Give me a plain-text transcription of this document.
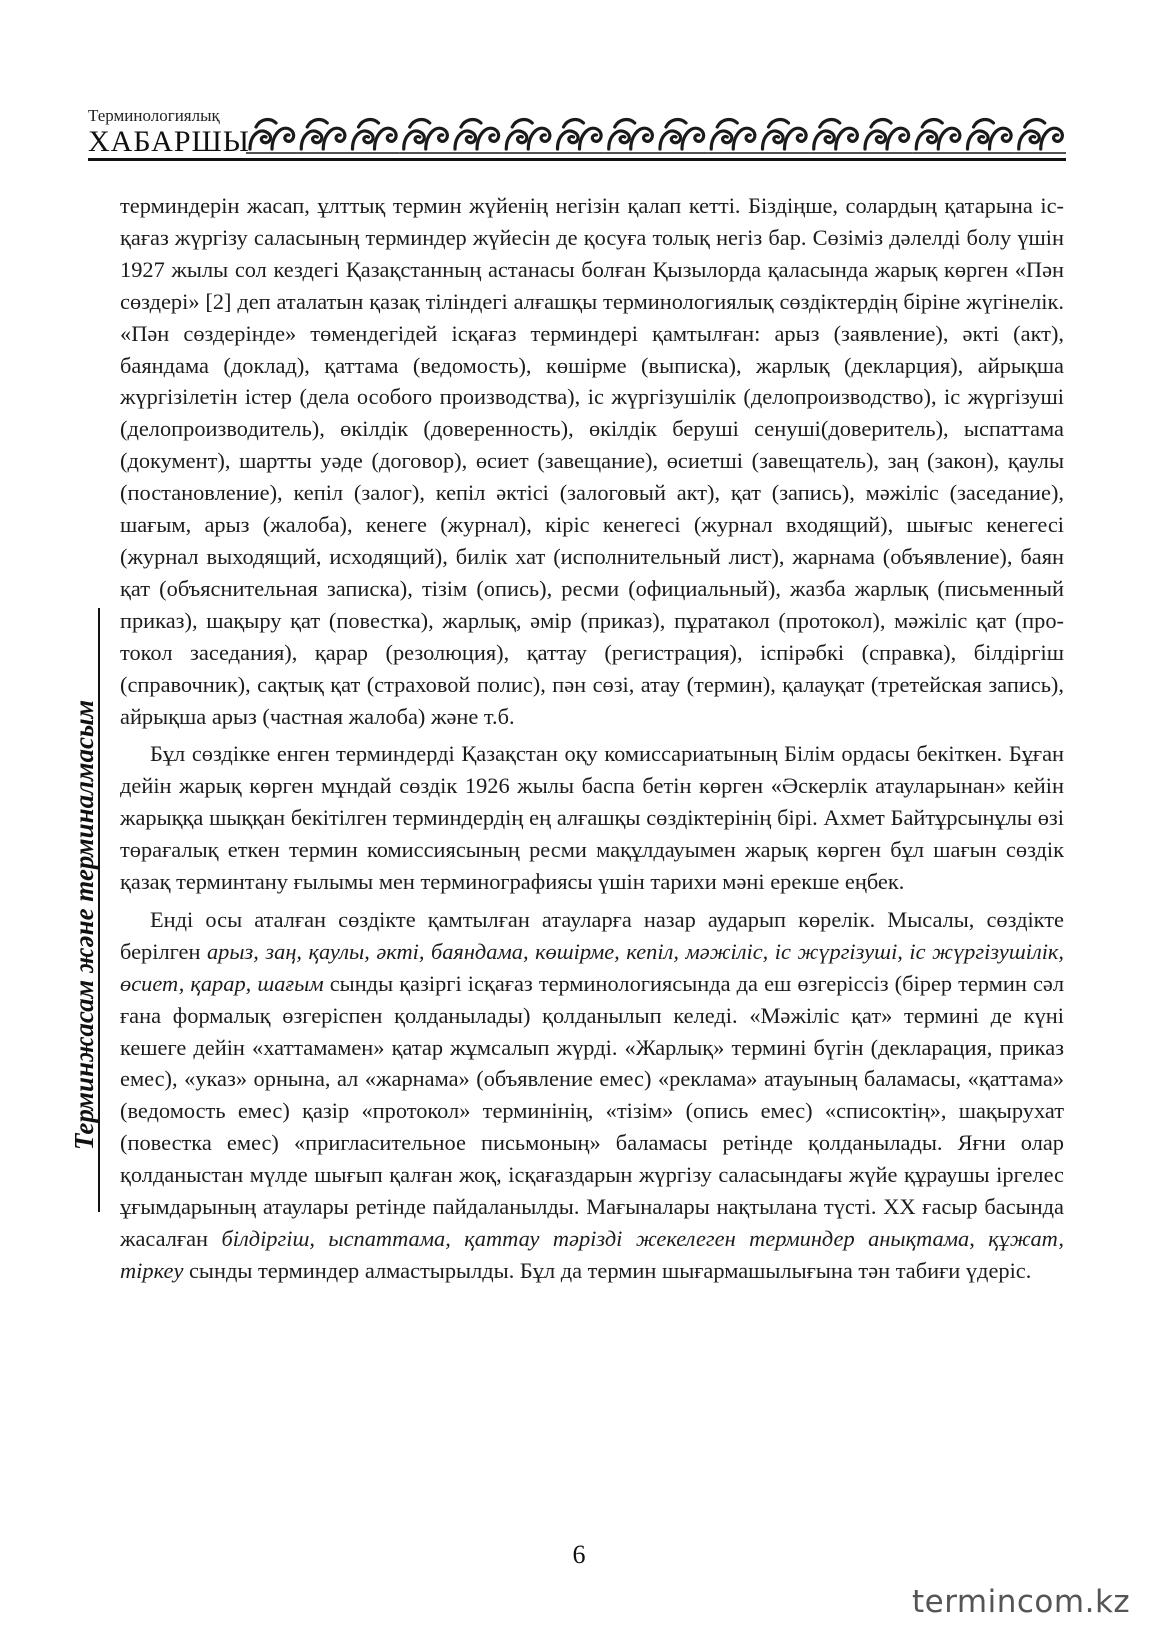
Терминологиялық
ХАБАРШЫ
Терминжасам және терминалмасым

терминдерін жасап, ұлттық термин жүйенің негізін қалап кетті. Біздіңше, солардың қатарына ісқағаз жүргізу саласының терминдер жүйесін де қосуға толық негіз бар. Сөзіміз дәлелді болу үшін 1927 жылы сол кездегі Қазақстанның астанасы болған Қызылорда қаласында жарық көрген «Пән сөздері» [2] деп аталатын қазақ тіліндегі алғашқы терминологиялық сөздіктердің біріне жүгінелік. «Пән сөздерінде» төмендегідей ісқағаз терминдері қамтылған: арыз (заявление), әкті (акт), баяндама (доклад), қаттама (ведомость), көшірме (выписка), жарлық (декларция), айрықша жүргізілетін істер (дела особого производства), іс жүргізушілік (делопроизводство), іс жүргізуші (делопроизводитель), өкілдік (доверенность), өкілдік беруші сенуші(доверитель), ыспаттама (документ), шартты уәде (договор), өсиет (завещание), өсиетші (завещатель), заң (закон), қаулы (постановление), кепіл (залог), кепіл әктісі (залоговый акт), қат (запись), мәжіліс (заседание), шағым, арыз (жалоба), кенеге (журнал), кіріс кенегесі (журнал входящий), шығыс кенегесі (журнал выходящий, исходящий), билік хат (исполнительный лист), жарнама (объявление), баян қат (объяснительная записка), тізім (опись), ресми (официальный), жазба жарлық (письменный приказ), шақыру қат (повестка), жарлық, әмір (приказ), пұратакол (протокол), мәжіліс қат (протокол заседания), қарар (резолюция), қаттау (регистрация), іспірәбкі (справка), білдіргіш (справочник), сақтық қат (страховой полис), пән сөзі, атау (термин), қалауқат (третейская запись), айрықша арыз (частная жалоба) және т.б.

Бұл сөздікке енген терминдерді Қазақстан оқу комиссариатының Білім ордасы бекіткен. Бұған дейін жарық көрген мұндай сөздік 1926 жылы баспа бетін көрген «Әскерлік атауларынан» кейін жарыққа шыққан бекітілген терминдердің ең алғашқы сөздіктерінің бірі. Ахмет Байтұрсынұлы өзі төрағалық еткен термин комиссиясының ресми мақұлдауымен жарық көрген бұл шағын сөздік қазақ терминтану ғылымы мен терминографиясы үшін тарихи мәні ерекше еңбек.

Енді осы аталған сөздікте қамтылған атауларға назар аударып көрелік. Мысалы, сөздікте берілген арыз, заң, қаулы, әкті, баяндама, көшірме, кепіл, мәжіліс, іс жүргізуші, іс жүргізушілік, өсиет, қарар, шағым сынды қазіргі ісқағаз терминологиясында да еш өзгеріссіз (бірер термин сәл ғана формалық өзгеріспен қолданылады) қолданылып келеді. «Мәжіліс қат» термині де күні кешеге дейін «хаттамамен» қатар жұмсалып жүрді. «Жарлық» термині бүгін (декларация, приказ емес), «указ» орнына, ал «жарнама» (объявление емес) «реклама» атауының баламасы, «қаттама» (ведомость емес) қазір «протокол» терминінің, «тізім» (опись емес) «списоктің», шақырухат (повестка емес) «пригласительное письмоның» баламасы ретінде қолданылады. Яғни олар қолданыстан мүлде шығып қалған жоқ, ісқағаздарын жүргізу саласындағы жүйе құраушы іргелес ұғымдарының атаулары ретінде пайдаланылды. Мағыналары нақтылана түсті. ХХ ғасыр басында жасалған білдіргіш, ыспаттама, қаттау тәрізді жекелеген терминдер анықтама, құжат, тіркеу сынды терминдер алмастырылды. Бұл да термин шығармашылығына тән табиғи үдеріс.

6
termincom.kz
